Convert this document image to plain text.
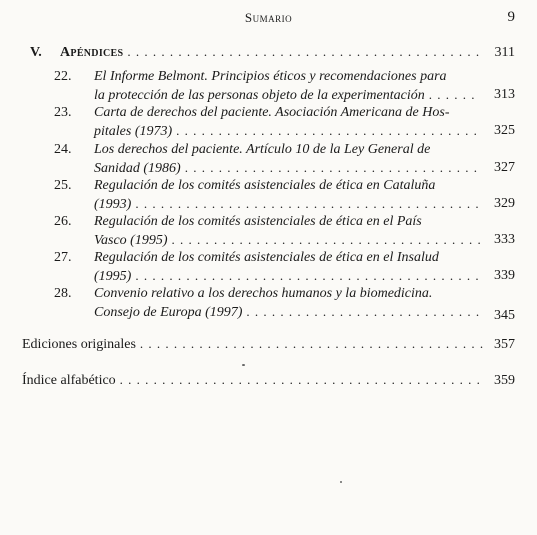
Sumario	9
V.	Apéndices . . .	311
22.	El Informe Belmont. Principios éticos y recomendaciones para
la protección de las personas objeto de la experimentación . . .	313
23.	Carta de derechos del paciente. Asociación Americana de Hos-
pitales (1973) . . .	325
24.	Los derechos del paciente. Artículo 10 de la Ley General de
Sanidad (1986) . . .	327
25.	Regulación de los comités asistenciales de ética en Cataluña
(1993) . . .	329
26.	Regulación de los comités asistenciales de ética en el País
Vasco (1995) . . .	333
27.	Regulación de los comités asistenciales de ética en el Insalud
(1995) . . .	339
28.	Convenio relativo a los derechos humanos y la biomedicina.
Consejo de Europa (1997) . . .	345
Ediciones originales . . .	357
Índice alfabético . . .	359
